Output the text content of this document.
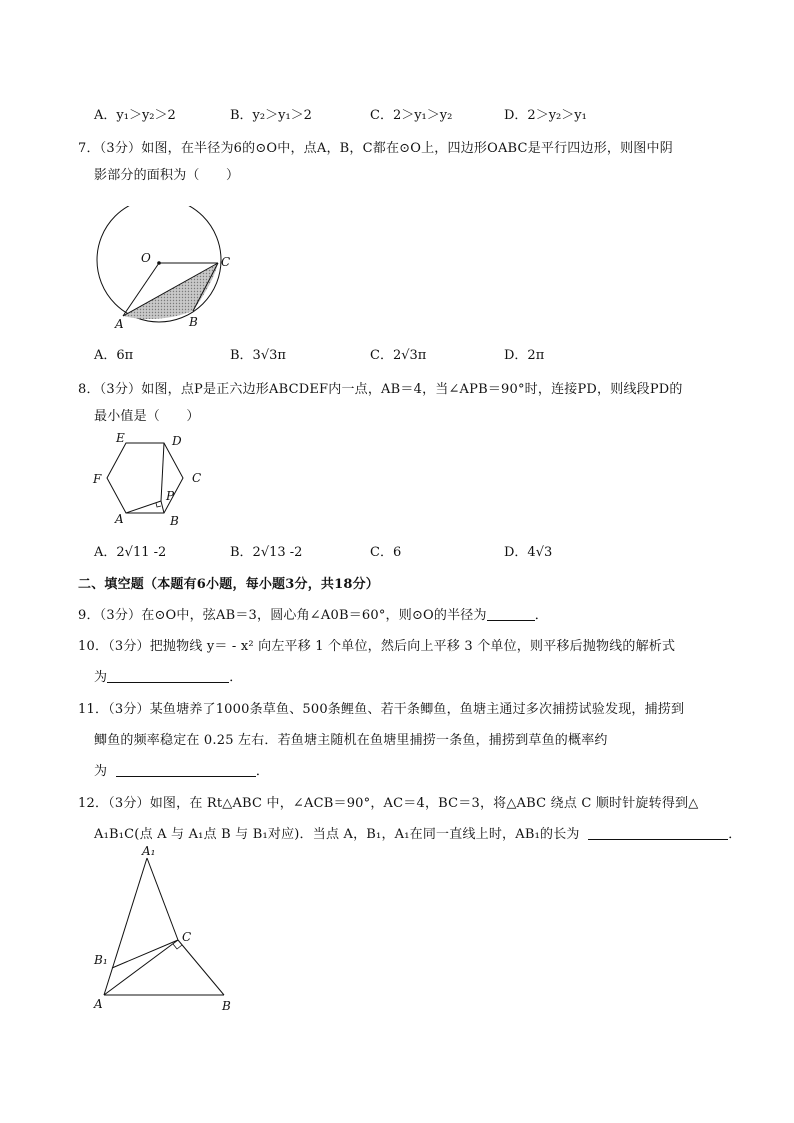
A．y₁＞y₂＞2	B．y₂＞y₁＞2	C．2＞y₁＞y₂	D．2＞y₂＞y₁
7．（3分）如图，在半径为6的⊙O中，点A，B，C都在⊙O上，四边形OABC是平行四边形，则图中阴
影部分的面积为（　　）
O	C
A	B
A．6π	B．3√3π	C．2√3π	D．2π
8．（3分）如图，点P是正六边形ABCDEF内一点，AB＝4，当∠APB＝90°时，连接PD，则线段PD的
最小值是（　　）
E	D
F	C
P
A	B
A．2√11 -2	B．2√13 -2	C．6	D．4√3
二、填空题（本题有6小题，每小题3分，共18分）
9．（3分）在⊙O中，弦AB＝3，圆心角∠A0B＝60°，则⊙O的半径为	．
10．（3分）把抛物线 y＝ - x² 向左平移 1 个单位，然后向上平移 3 个单位，则平移后抛物线的解析式
为	．
11．（3分）某鱼塘养了1000条草鱼、500条鲤鱼、若干条鲫鱼，鱼塘主通过多次捕捞试验发现，捕捞到
鲫鱼的频率稳定在 0.25 左右．若鱼塘主随机在鱼塘里捕捞一条鱼，捕捞到草鱼的概率约
为	．
12．（3分）如图，在 Rt△ABC 中，∠ACB＝90°，AC＝4，BC＝3，将△ABC 绕点 C 顺时针旋转得到△
A₁B₁C(点 A 与 A₁点 B 与 B₁对应)．当点 A，B₁，A₁在同一直线上时，AB₁的长为	．
A₁
C
B₁
A	B
